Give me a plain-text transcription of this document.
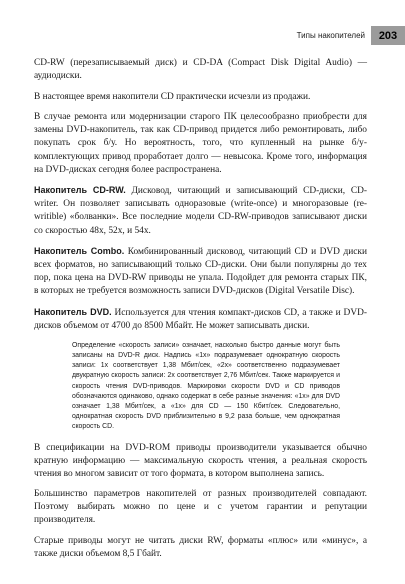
Типы накопителей	203

CD-RW (перезаписываемый диск) и CD-DA (Compact Disk Digital Audio) — аудиодиски.

В настоящее время накопители CD практически исчезли из продажи.

В случае ремонта или модернизации старого ПК целесообразно приобрести для замены DVD-накопитель, так как CD-привод придется либо ремонтировать, либо покупать срок б/у. Но вероятность, того, что купленный на рынке б/у-комплектующих привод проработает долго — невысока. Кроме того, информация на DVD-дисках сегодня более распространена.

Накопитель CD-RW. Дисковод, читающий и записывающий CD-диски, CD-writer. Он позволяет записывать одноразовые (write-once) и многоразовые (re-writible) «болванки». Все последние модели CD-RW-приводов записывают диски со скоростью 48x, 52x, и 54x.

Накопитель Combo. Комбинированный дисковод, читающий CD и DVD диски всех форматов, но записывающий только CD-диски. Они были популярны до тех пор, пока цена на DVD-RW приводы не упала. Подойдет для ремонта старых ПК, в которых не требуется возможность записи DVD-дисков (Digital Versatile Disc).

Накопитель DVD. Используется для чтения компакт-дисков CD, а также и DVD-дисков объемом от 4700 до 8500 Мбайт. Не может записывать диски.

Определение «скорость записи» означает, насколько быстро данные могут быть записаны на DVD-R диск. Надпись «1x» подразумевает однократную скорость записи: 1x соответствует 1,38 Мбит/сек, «2x» соответственно подразумевает двукратную скорость записи: 2x соответствует 2,76 Мбит/сек. Также маркируется и скорость чтения DVD-приводов. Маркировки скорости DVD и CD приводов обозначаются одинаково, однако содержат в себе разные значения: «1x» для DVD означает 1,38 Мбит/сек, а «1x» для CD — 150 Кбит/сек. Следовательно, однократная скорость DVD приблизительно в 9,2 раза больше, чем однократная скорость CD.

В спецификации на DVD-ROM приводы производители указывается обычно кратную информацию — максимальную скорость чтения, а реальная скорость чтения во многом зависит от того формата, в котором выполнена запись.

Большинство параметров накопителей от разных производителей совпадают. Поэтому выбирать можно по цене и с учетом гарантии и репутации производителя.

Старые приводы могут не читать диски RW, форматы «плюс» или «минус», а также диски объемом 8,5 Гбайт.
